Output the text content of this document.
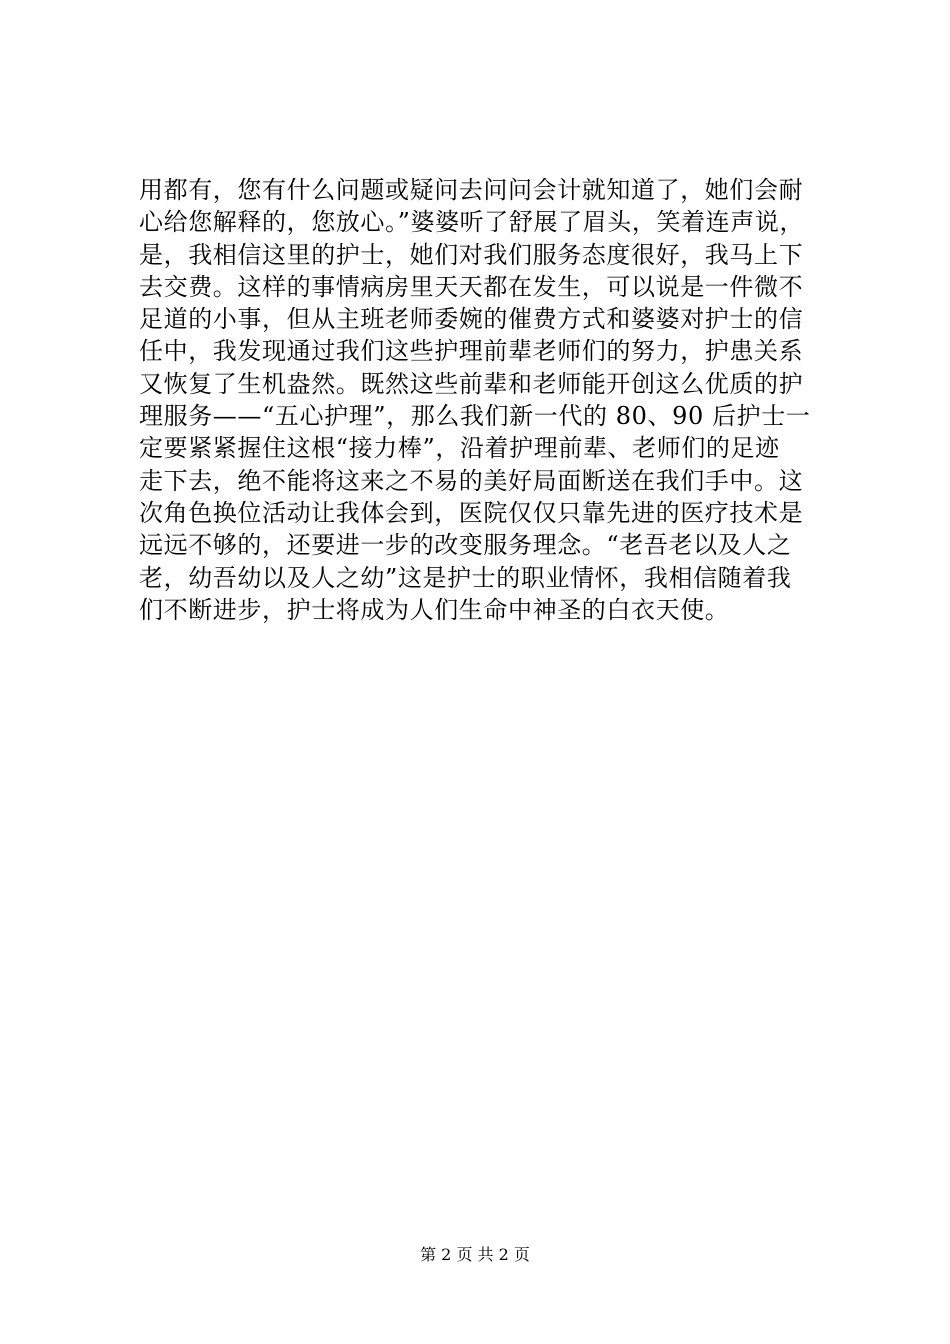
用都有，您有什么问题或疑问去问问会计就知道了，她们会耐
心给您解释的，您放心。”婆婆听了舒展了眉头，笑着连声说，
是，我相信这里的护士，她们对我们服务态度很好，我马上下
去交费。这样的事情病房里天天都在发生，可以说是一件微不
足道的小事，但从主班老师委婉的催费方式和婆婆对护士的信
任中，我发现通过我们这些护理前辈老师们的努力，护患关系
又恢复了生机盎然。既然这些前辈和老师能开创这么优质的护
理服务——“五心护理”，那么我们新一代的 80、90 后护士一
定要紧紧握住这根“接力棒”，沿着护理前辈、老师们的足迹
走下去，绝不能将这来之不易的美好局面断送在我们手中。这
次角色换位活动让我体会到，医院仅仅只靠先进的医疗技术是
远远不够的，还要进一步的改变服务理念。“老吾老以及人之
老，幼吾幼以及人之幼”这是护士的职业情怀，我相信随着我
们不断进步，护士将成为人们生命中神圣的白衣天使。
第 2 页 共 2 页
